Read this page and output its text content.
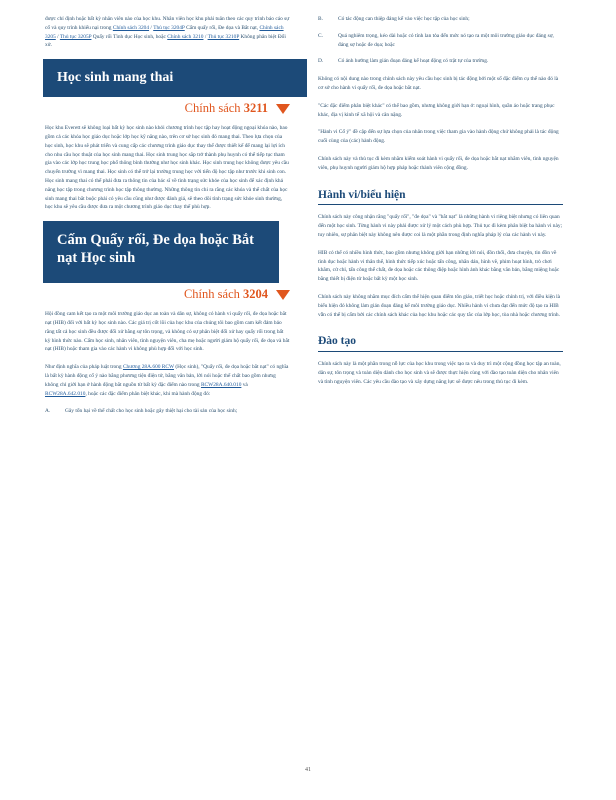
được chỉ định hoặc bất kỳ nhân viên nào của học khu. Nhân viên học khu phải tuân theo các quy trình báo cáo sự cố và quy trình khiếu nại trong Chính sách 3204 / Thủ tục 3204P Cấm quấy rối, Đe dọa và Bắt nạt, Chính sách 3205 / Thủ tục 3205P Quấy rối Tình dục Học sinh, hoặc Chính sách 3210 / Thủ tục 3210P Không phân biệt Đối xử.

Học sinh mang thai
Chính sách 3211

Học khu Everett sẽ không loại bất kỳ học sinh nào khỏi chương trình học tập hay hoạt động ngoại khóa nào, bao gồm cả các khóa học giáo dục hoặc lớp học kỹ năng nào, trên cơ sở học sinh đó mang thai. Theo lựa chọn của học sinh, học khu sẽ phát triển và cung cấp các chương trình giáo dục thay thế được thiết kế để mang lại lợi ích cho nhu cầu học thuật của học sinh mang thai. Học sinh trung học sắp trở thành phụ huynh có thể tiếp tục tham gia vào các lớp học trung học phổ thông bình thường như học sinh khác. Học sinh trung học không được yêu cầu chuyển trường vì mang thai. Học sinh có thể trở lại trường trung học với tiến độ học tập như trước khi sinh con. Học sinh mang thai có thể phải đưa ra thông tin của bác sĩ về tình trạng sức khỏe của học sinh để xác định khả năng học tập trong chương trình học tập thông thường. Những thông tin chi ra rằng các khóa và thể chất của học sinh mang thai bắt buộc phải có yêu cầu cũng như được đánh giá, sẽ theo dõi tình trạng sức khỏe sinh thường, học khu sẽ yêu cầu được đưa ra một chương trình giáo dục thay thế phù hợp.

Cấm Quấy rối, Đe dọa hoặc Bắt nạt Học sinh
Chính sách 3204

Hội đồng cam kết tạo ra một môi trường giáo dục an toàn và dân sự, không có hành vi quấy rối, đe dọa hoặc bắt nạt (HIB) đối với bất kỳ học sinh nào. Các giá trị cốt lõi của học khu của chúng tôi bao gồm cam kết đảm bảo rằng tất cả học sinh đều được đối xử bằng sự tôn trọng, và không có sự phân biệt đối xử hay quấy rối trong bất kỳ hình thức nào. Cấm học sinh, nhân viên, tình nguyện viên, cha mẹ hoặc người giám hộ quấy rối, đe dọa và bắt nạt (HIB) hoặc tham gia vào các hành vi không phù hợp đối với học sinh.

Như định nghĩa của pháp luật trong Chương 28A.600 RCW (Học sinh), "Quấy rối, đe dọa hoặc bắt nạt" có nghĩa là bất kỳ hành động cố ý nào bằng phương tiện điện tử, bằng văn bản, lời nói hoặc thể chất bao gồm nhưng không chỉ giới hạn ở hành động bắt nguồn từ bất kỳ đặc điểm nào trong RCW28A.640.010 và RCW28A.642.010, hoặc các đặc điểm phân biệt khác, khi mà hành động đó:

A.	Gây tổn hại về thể chất cho học sinh hoặc gây thiệt hại cho tài sản của học sinh;
B.	Có tác động can thiệp đáng kể vào việc học tập của học sinh;
C.	Quá nghiêm trọng, kéo dài hoặc có tính lan tỏa đến mức nó tạo ra một môi trường giáo dục đáng sợ, đáng sợ hoặc đe dọa; hoặc
D.	Có ảnh hưởng làm gián đoạn đáng kể hoạt động có trật tự của trường.

Không có nội dung nào trong chính sách này yêu cầu học sinh bị tác động bởi một số đặc điểm cụ thể nào đó là cơ sở cho hành vi quấy rối, đe dọa hoặc bắt nạt.

"Các đặc điểm phân biệt khác" có thể bao gồm, nhưng không giới hạn ở: ngoại hình, quần áo hoặc trang phục khác, địa vị kinh tế xã hội và cân nặng.

"Hành vi Cố ý" đề cập đến sự lựa chọn của nhân trong việc tham gia vào hành động chứ không phải là tác động cuối cùng của (các) hành động.

Chính sách này và thủ tục đi kèm nhằm kiểm soát hành vi quấy rối, đe dọa hoặc bắt nạt nhằm viên, tình nguyện viên, phụ huynh người giám hộ hợp pháp hoặc thành viên cộng đồng.

Hành vi/biểu hiện

Chính sách này công nhận rằng "quấy rối", "đe dọa" và "bắt nạt" là những hành vi riêng biệt nhưng có liên quan đến một học sinh. Từng hành vi này phải được xử lý một cách phù hợp. Thủ tục đi kèm phân biệt ba hành vi này; tuy nhiên, sự phân biệt này không nên được coi là một phần trong định nghĩa pháp lý của các hành vi này.

HIB có thể có nhiều hình thức, bao gồm nhưng không giới hạn những lời nói, đồn thổi, đưa chuyện, tin đồn về tình dục hoặc hành vi thân thể, hình thức tiếp xúc hoặc tấn công, nhãn dán, hình vẽ, phim hoạt hình, trò chơi khăm, cử chỉ, tấn công thể chất, đe dọa hoặc các thông điệp hoặc hình ảnh khác bằng văn bản, bằng miệng hoặc bằng thiết bị điện tử hoặc bất kỳ một học sinh.

Chính sách này không nhằm mục đích cấm thể hiện quan điểm tôn giáo, triết học hoặc chính trị, với điều kiện là biểu hiện đó không làm gián đoạn đáng kể môi trường giáo dục. Nhiều hành vi chưa đạt đến mức độ tạo ra HIB vẫn có thể bị cấm bởi các chính sách khác của học khu hoặc các quy tắc của lớp học, tòa nhà hoặc chương trình.

Đào tạo

Chính sách này là một phần trong nỗ lực của học khu trong việc tạo ra và duy trì một cộng đồng học tập an toàn, dân sự, tôn trọng và toàn diện dành cho học sinh và sẽ được thực hiện cùng với đào tạo toàn diện cho nhân viên và tình nguyện viên. Các yêu cầu đào tạo và xây dựng năng lực sẽ được nêu trong thủ tục đi kèm.

41
